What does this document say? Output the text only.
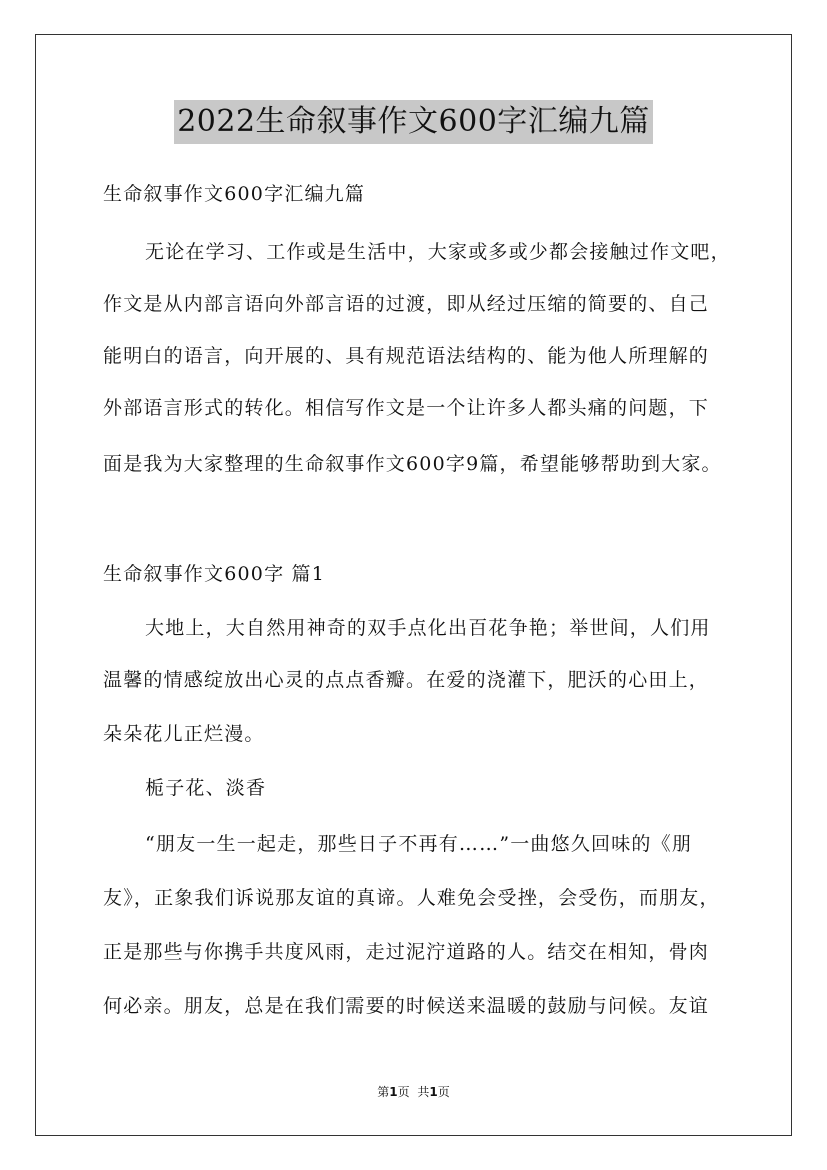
2022生命叙事作文600字汇编九篇
生命叙事作文600字汇编九篇
无论在学习、工作或是生活中，大家或多或少都会接触过作文吧，
作文是从内部言语向外部言语的过渡，即从经过压缩的简要的、自己
能明白的语言，向开展的、具有规范语法结构的、能为他人所理解的
外部语言形式的转化。相信写作文是一个让许多人都头痛的问题，下
面是我为大家整理的生命叙事作文600字9篇，希望能够帮助到大家。
生命叙事作文600字 篇1
大地上，大自然用神奇的双手点化出百花争艳；举世间，人们用
温馨的情感绽放出心灵的点点香瓣。在爱的浇灌下，肥沃的心田上，
朵朵花儿正烂漫。
栀子花、淡香
“朋友一生一起走，那些日子不再有……”一曲悠久回味的《朋
友》，正象我们诉说那友谊的真谛。人难免会受挫，会受伤，而朋友，
正是那些与你携手共度风雨，走过泥泞道路的人。结交在相知，骨肉
何必亲。朋友，总是在我们需要的时候送来温暖的鼓励与问候。友谊
第1页 共1页
